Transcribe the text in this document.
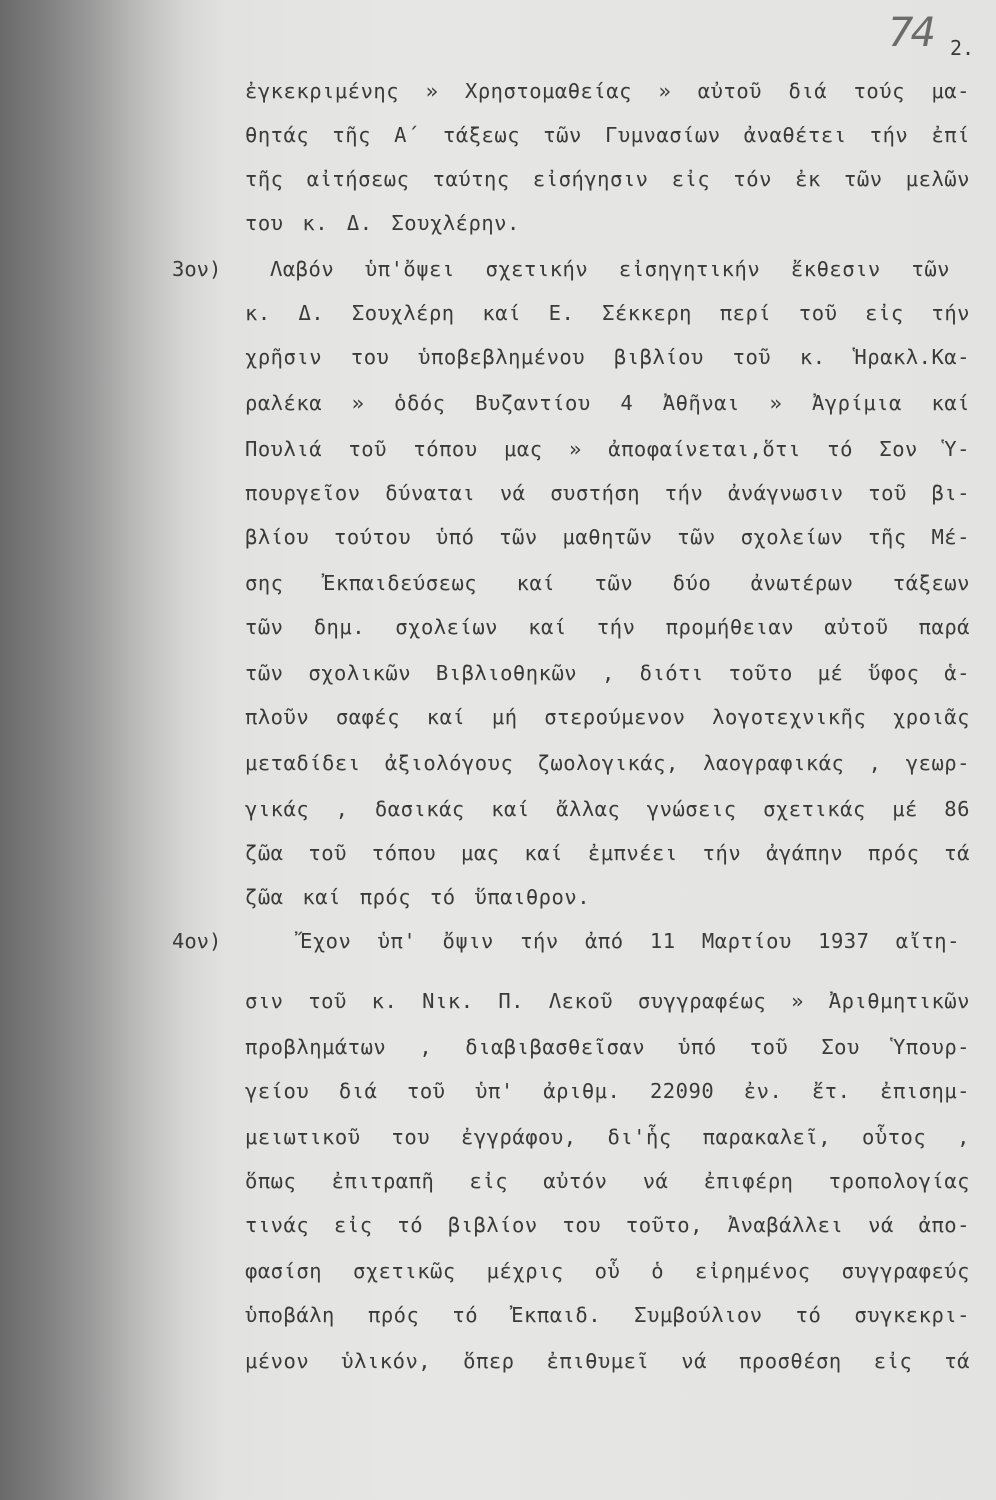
74 2.
3ον)
4ον)
ἐγκεκριμένης » Χρηστομαθείας » αὐτοῦ διά τούς μα-
θητάς τῆς Α΄ τάξεως τῶν Γυμνασίων ἀναθέτει τήν ἐπί
τῆς αἰτήσεως ταύτης εἰσήγησιν εἰς τόν ἐκ τῶν μελῶν
του κ. Δ. Σουχλέρην.
Λαβόν ὑπ'ὄψει σχετικήν εἰσηγητικήν ἔκθεσιν τῶν
κ. Δ. Σουχλέρη καί Ε. Σέκκερη περί τοῦ εἰς τήν
χρῆσιν του ὑποβεβλημένου βιβλίου τοῦ κ. Ἡρακλ.Κα-
ραλέκα » ὁδός Βυζαντίου 4 Ἀθῆναι » Ἀγρίμια καί
Πουλιά τοῦ τόπου μας » ἀποφαίνεται,ὅτι τό Σον Ὑ-
πουργεῖον δύναται νά συστήση τήν ἀνάγνωσιν τοῦ βι-
βλίου τούτου ὑπό τῶν μαθητῶν τῶν σχολείων τῆς Μέ-
σης Ἐκπαιδεύσεως καί τῶν δύο ἀνωτέρων τάξεων
τῶν δημ. σχολείων καί τήν προμήθειαν αὐτοῦ παρά
τῶν σχολικῶν Βιβλιοθηκῶν , διότι τοῦτο μέ ὕφος ἁ-
πλοῦν σαφές καί μή στερούμενον λογοτεχνικῆς χροιᾶς
μεταδίδει ἀξιολόγους ζωολογικάς, λαογραφικάς , γεωρ-
γικάς , δασικάς καί ἄλλας γνώσεις σχετικάς μέ 86
ζῶα τοῦ τόπου μας καί ἐμπνέει τήν ἀγάπην πρός τά
ζῶα καί πρός τό ὕπαιθρον.
Ἔχον ὑπ' ὄψιν τήν ἀπό 11 Μαρτίου 1937 αἴτη-
σιν τοῦ κ. Νικ. Π. Λεκοῦ συγγραφέως » Ἀριθμητικῶν
προβλημάτων , διαβιβασθεῖσαν ὑπό τοῦ Σου Ὑπουρ-
γείου διά τοῦ ὑπ' ἀριθμ. 22090 ἐν. ἔτ. ἐπισημ-
μειωτικοῦ του ἐγγράφου, δι'ἧς παρακαλεῖ, οὗτος ,
ὅπως ἐπιτραπῆ εἰς αὐτόν νά ἐπιφέρη τροπολογίας
τινάς εἰς τό βιβλίον του τοῦτο, Ἀναβάλλει νά ἀπο-
φασίση σχετικῶς μέχρις οὗ ὁ εἰρημένος συγγραφεύς
ὑποβάλη πρός τό Ἐκπαιδ. Συμβούλιον τό συγκεκρι-
μένον ὑλικόν, ὅπερ ἐπιθυμεῖ νά προσθέση εἰς τά
